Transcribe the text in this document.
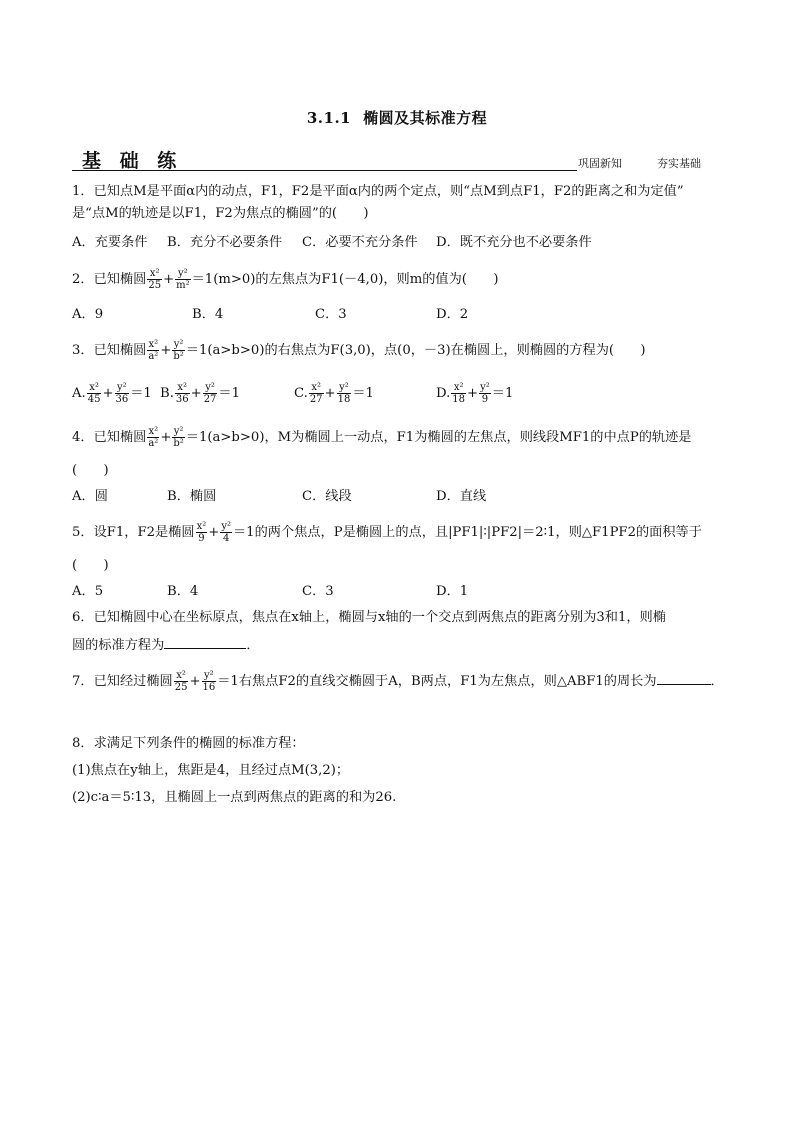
3.1.1 椭圆及其标准方程
基 础 练	巩固新知	夯实基础
1．已知点M是平面α内的动点，F1，F2是平面α内的两个定点，则“点M到点F1，F2的距离之和为定值”
是“点M的轨迹是以F1，F2为焦点的椭圆”的(　　)
A．充要条件 B．充分不必要条件 C．必要不充分条件 D．既不充分也不必要条件
2．已知椭圆 $\frac{\text{x²}}{25} + \frac{\text{y²}}{\text{m²}} =1(m>0)$的左焦点为F1(－4,0)，则m的值为(　　)
A．9	B．4	C．3	D．2
3．已知椭圆 $\frac{\text{x²}}{\text{a²}} + \frac{\text{y²}}{\text{b²}} =1(a>b>0)$的右焦点为F(3,0)，点(0，－3)在椭圆上，则椭圆的方程为(　　)
A. $\frac{\text{x²}}{45} + \frac{\text{y²}}{36} =1$ B. $\frac{\text{x²}}{36} + \frac{\text{y²}}{27} =1$	C. $\frac{\text{x²}}{27} + \frac{\text{y²}}{18} =1$	D. $\frac{\text{x²}}{18} + \frac{\text{y²}}{9} =1$
4．已知椭圆 $\frac{\text{x²}}{\text{a²}} + \frac{\text{y²}}{\text{b²}} =1(a>b>0)$，M为椭圆上一动点，F1为椭圆的左焦点，则线段MF1的中点P的轨迹是
(　　)
A．圆	B．椭圆	C．线段	D．直线
5．设F1，F2是椭圆 $\frac{\text{x²}}{9} + \frac{\text{y²}}{4} =1$的两个焦点，P是椭圆上的点，且|PF1|∶|PF2|＝2∶1，则△F1PF2的面积等于
(　　)
A．5	B．4	C．3	D．1
6．已知椭圆中心在坐标原点，焦点在x轴上，椭圆与x轴的一个交点到两焦点的距离分别为3和1，则椭
圆的标准方程为	．
7．已知经过椭圆 $\frac{\text{x²}}{25} + \frac{\text{y²}}{16} =1$右焦点F2的直线交椭圆于A，B两点，F1为左焦点，则△ABF1的周长为	．
8．求满足下列条件的椭圆的标准方程：
(1)焦点在y轴上，焦距是4，且经过点M(3,2)；
(2)c∶a＝5∶13，且椭圆上一点到两焦点的距离的和为26.
